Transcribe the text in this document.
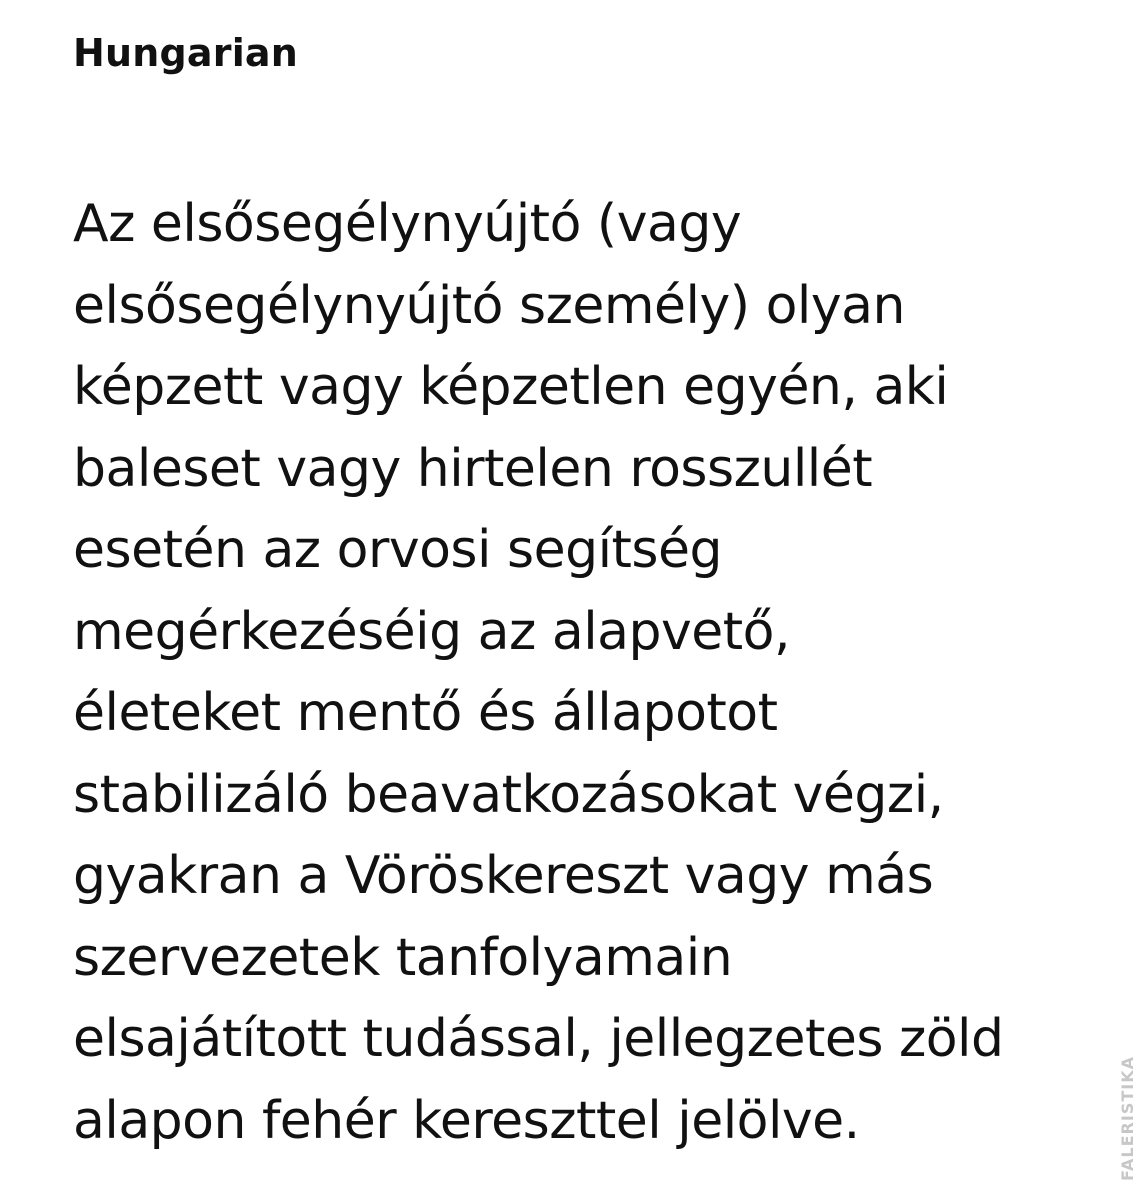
Hungarian
Az elsősegélynyújtó (vagy
elsősegélynyújtó személy) olyan
képzett vagy képzetlen egyén, aki
baleset vagy hirtelen rosszullét
esetén az orvosi segítség
megérkezéséig az alapvető,
életeket mentő és állapotot
stabilizáló beavatkozásokat végzi,
gyakran a Vöröskereszt vagy más
szervezetek tanfolyamain
elsajátított tudással, jellegzetes zöld
alapon fehér kereszttel jelölve.	FALERISTIKA
